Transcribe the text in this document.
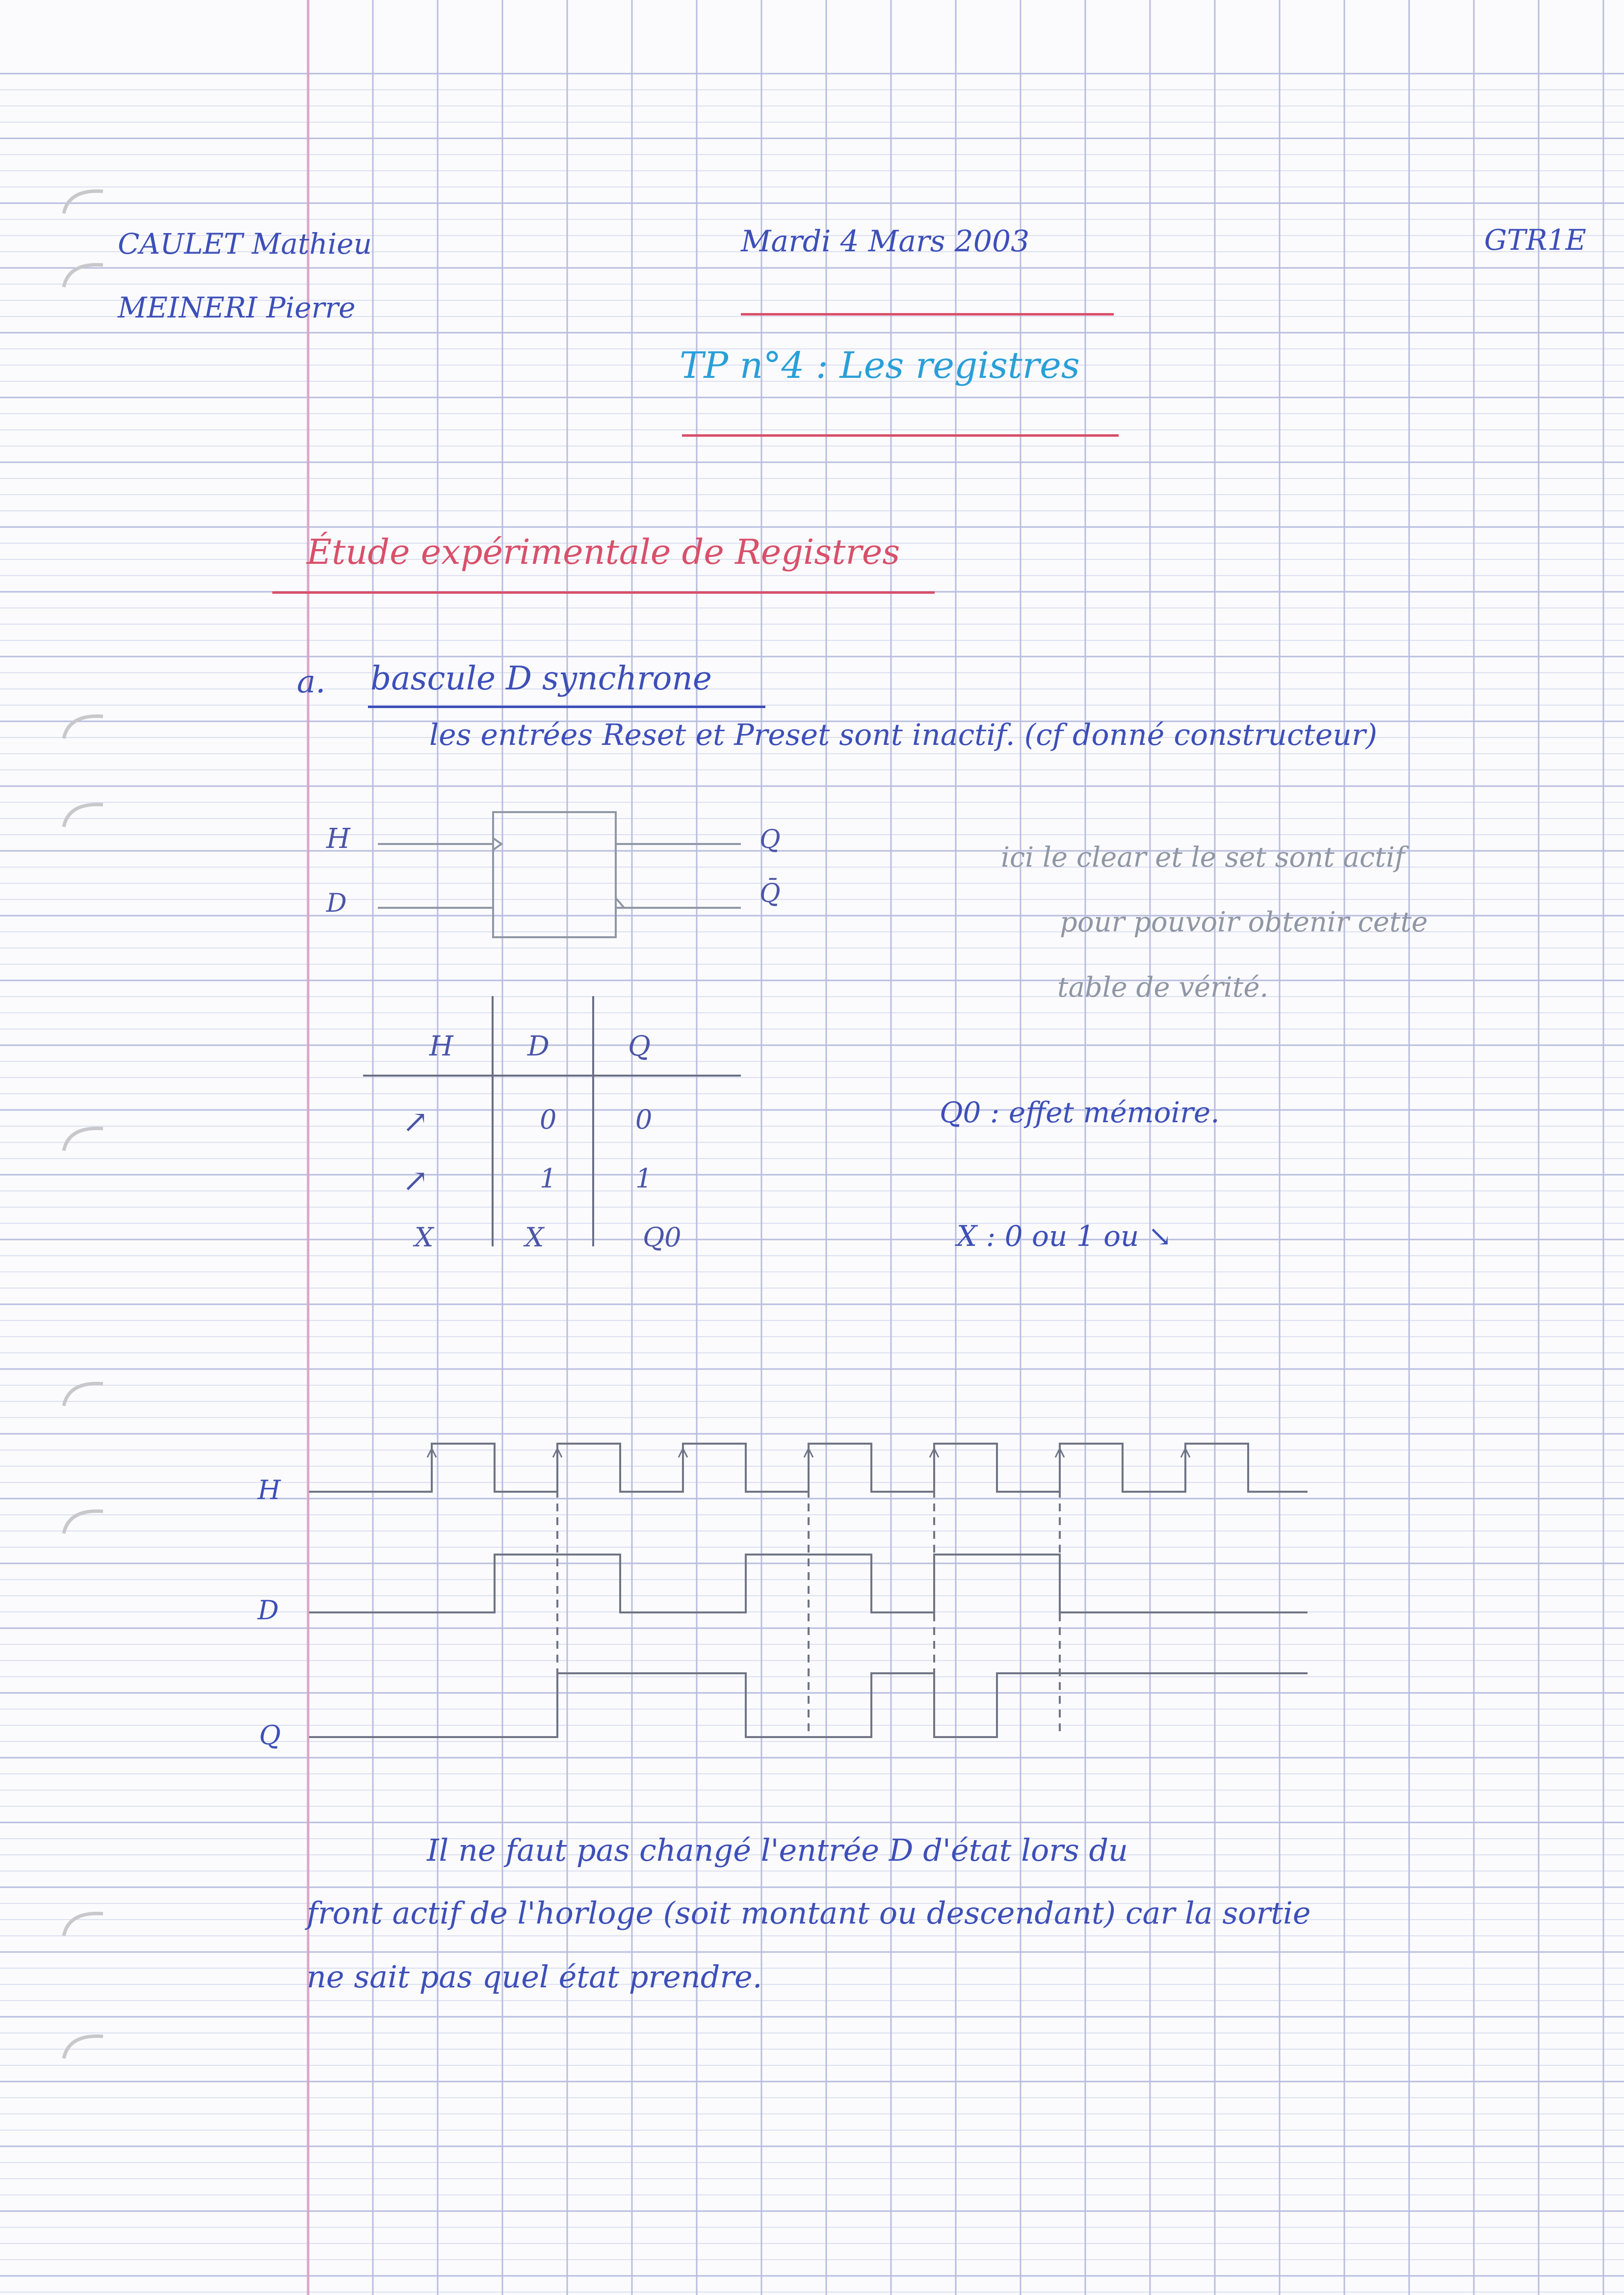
CAULET Mathieu
MEINERI Pierre
Mardi 4 Mars 2003	GTR1E
TP n°4 : Les registres
Étude expérimentale de Registres
a. bascule D synchrone
les entrées Reset et Preset sont inactif. (cf donné constructeur)
H
D
Q
Q̄
ici le clear et le set sont actif
pour pouvoir obtenir cette
table de vérité.
H	D	Q
↗	0	0
↗	1	1
X	X	Q0
Q0 : effet mémoire.
X : 0 ou 1 ou ↘
H
D
Q
Il ne faut pas changé l'entrée D d'état lors du
front actif de l'horloge (soit montant ou descendant) car la sortie
ne sait pas quel état prendre.
